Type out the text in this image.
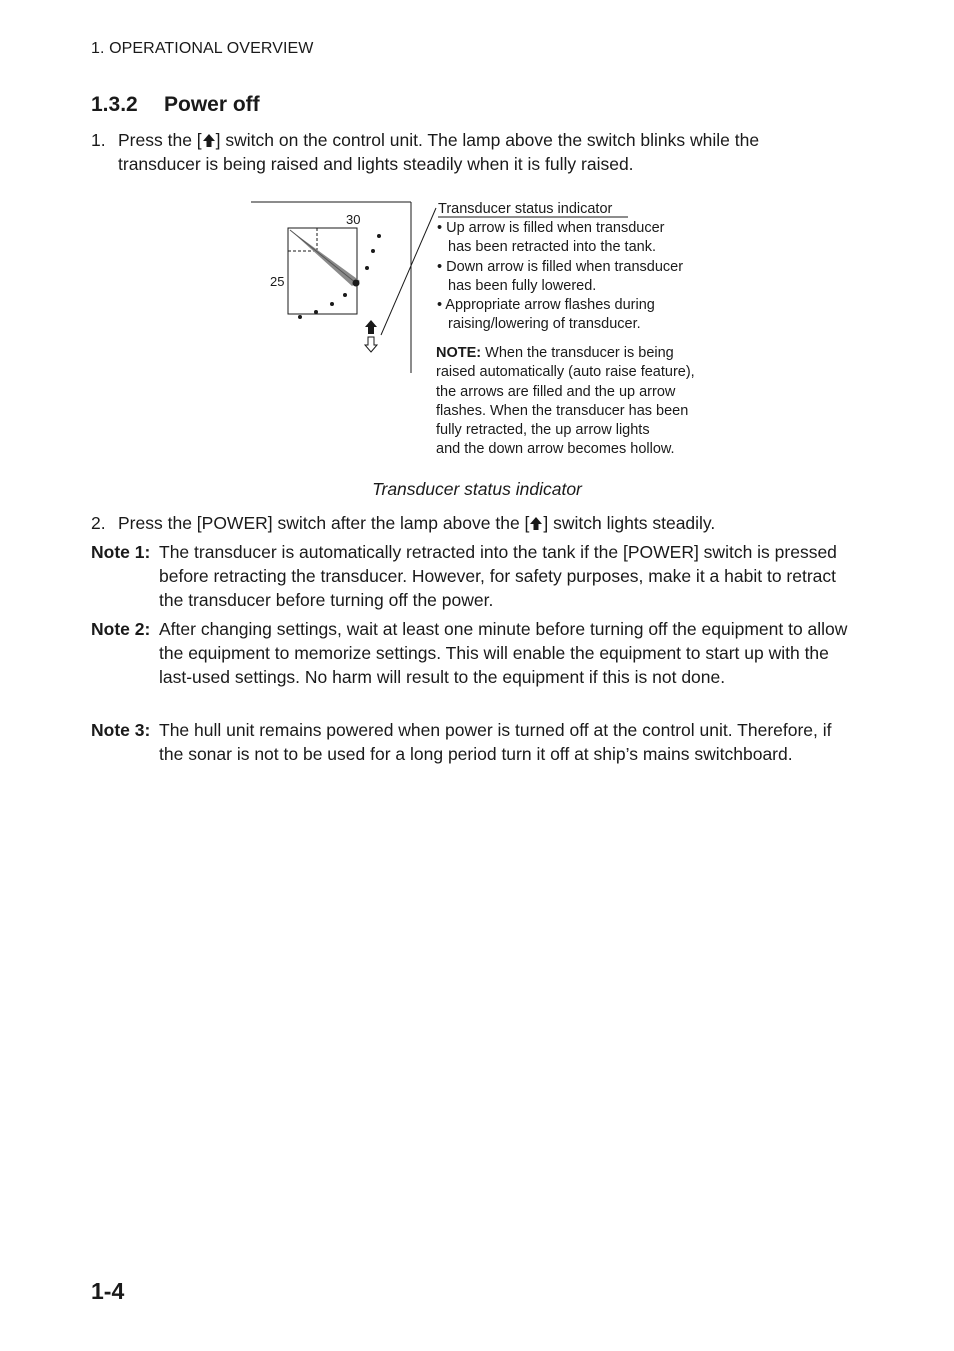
1. OPERATIONAL OVERVIEW
1.3.2 Power off
1. Press the [ ] switch on the control unit. The lamp above the switch blinks while the transducer is being raised and lights steadily when it is fully raised.
30
25
Transducer status indicator
• Up arrow is filled when transducer
has been retracted into the tank.
• Down arrow is filled when transducer
has been fully lowered.
• Appropriate arrow flashes during
raising/lowering of transducer.
NOTE: When the transducer is being
raised automatically (auto raise feature),
the arrows are filled and the up arrow
flashes. When the transducer has been
fully retracted, the up arrow lights
and the down arrow becomes hollow.
Transducer status indicator
2. Press the [POWER] switch after the lamp above the [ ] switch lights steadily.
Note 1: The transducer is automatically retracted into the tank if the [POWER] switch is pressed before retracting the transducer. However, for safety purposes, make it a habit to retract the transducer before turning off the power.
Note 2: After changing settings, wait at least one minute before turning off the equipment to allow the equipment to memorize settings. This will enable the equipment to start up with the last-used settings. No harm will result to the equipment if this is not done.
Note 3: The hull unit remains powered when power is turned off at the control unit. Therefore, if the sonar is not to be used for a long period turn it off at ship’s mains switchboard.
1-4
